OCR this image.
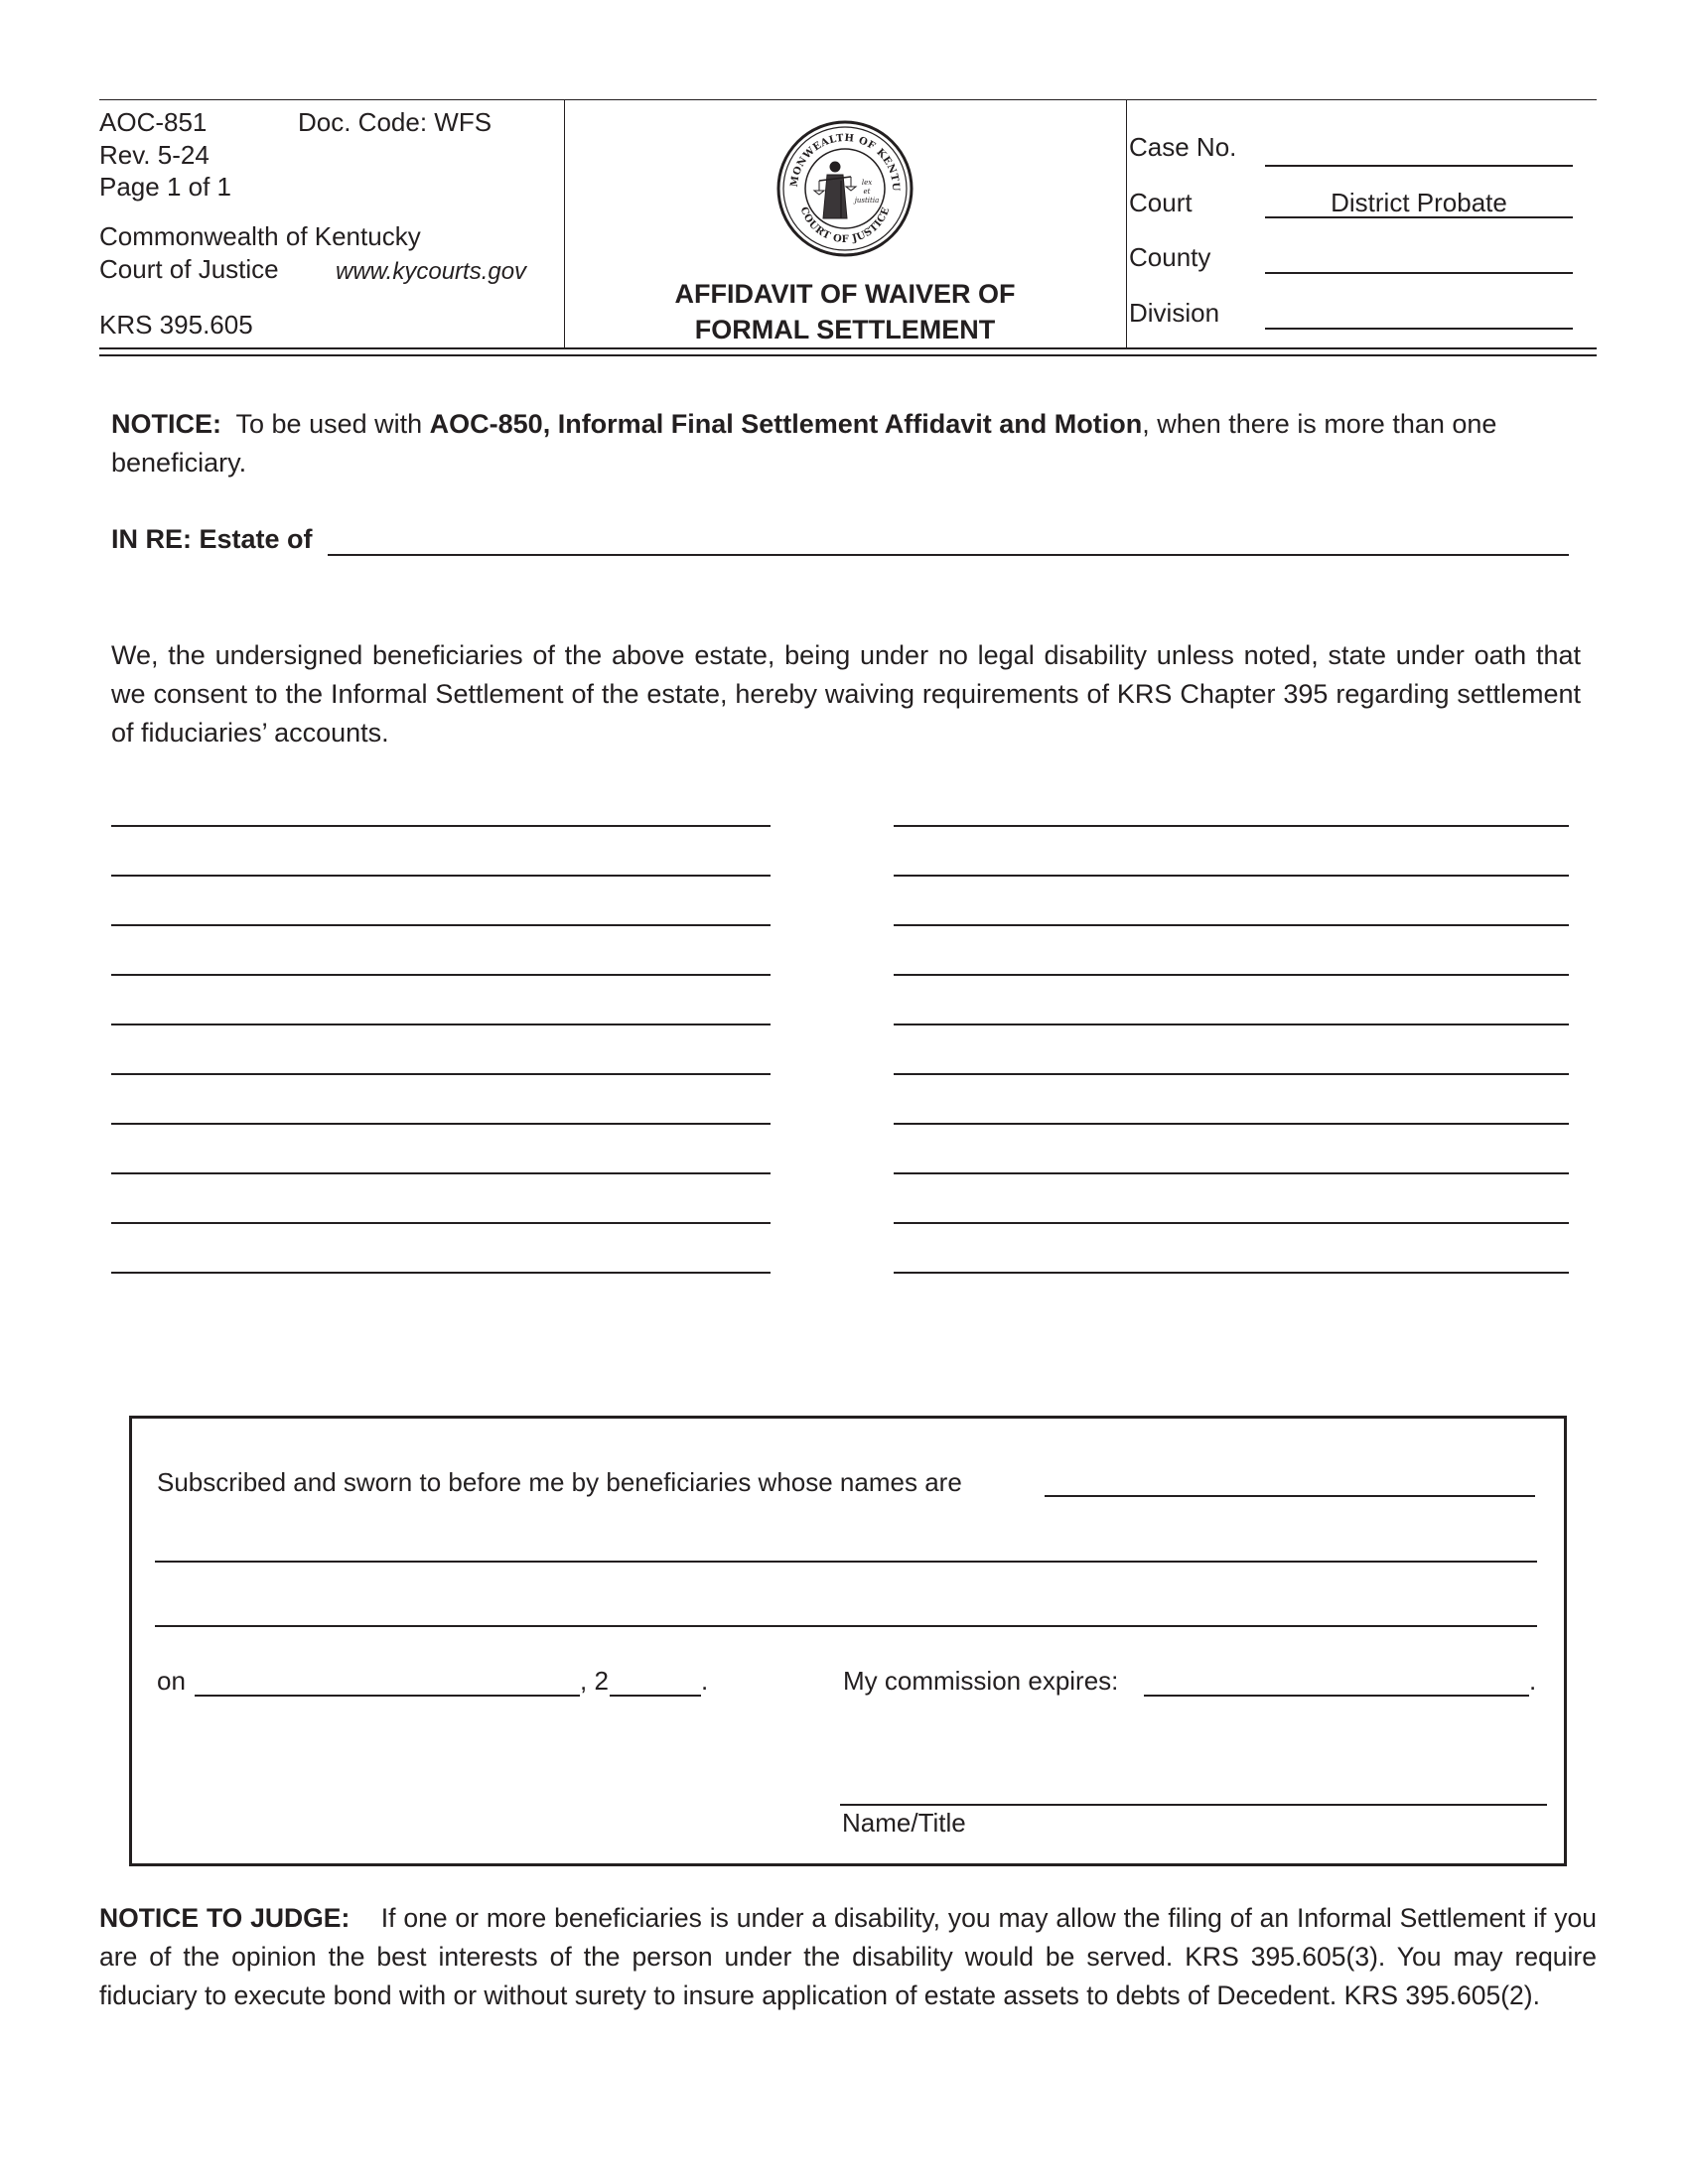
AOC-851	Doc. Code: WFS
Rev. 5-24
Page 1 of 1
Commonwealth of Kentucky
Court of Justice www.kycourts.gov
KRS 395.605
MONWEALTH OF KENTU
COURT OF JUSTICE
lex
et
justitia
AFFIDAVIT OF WAIVER OF
FORMAL SETTLEMENT
Case No.
Court	District Probate
County
Division
NOTICE: To be used with AOC-850, Informal Final Settlement Affidavit and Motion, when there is more than one beneficiary.
IN RE: Estate of
We, the undersigned beneficiaries of the above estate, being under no legal disability unless noted, state under oath that we consent to the Informal Settlement of the estate, hereby waiving requirements of KRS Chapter 395 regarding settlement of fiduciaries’ accounts.
Subscribed and sworn to before me by beneficiaries whose names are
on	, 2	.	My commission expires:	.
Name/Title
NOTICE TO JUDGE: If one or more beneficiaries is under a disability, you may allow the filing of an Informal Settlement if you are of the opinion the best interests of the person under the disability would be served. KRS 395.605(3). You may require fiduciary to execute bond with or without surety to insure application of estate assets to debts of Decedent. KRS 395.605(2).
